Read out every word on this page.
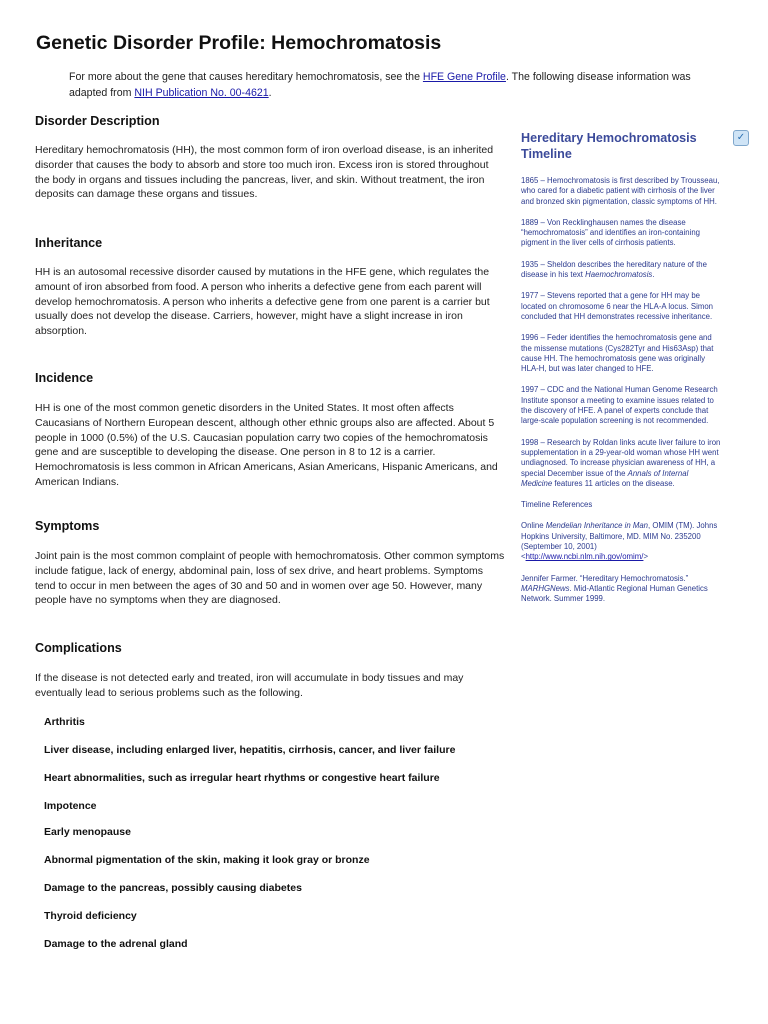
Genetic Disorder Profile: Hemochromatosis
For more about the gene that causes hereditary hemochromatosis, see the HFE Gene Profile. The following disease information was adapted from NIH Publication No. 00-4621.
Disorder Description

Hereditary hemochromatosis (HH), the most common form of iron overload disease, is an inherited disorder that causes the body to absorb and store too much iron. Excess iron is stored throughout the body in organs and tissues including the pancreas, liver, and skin. Without treatment, the iron deposits can damage these organs and tissues.

Inheritance

HH is an autosomal recessive disorder caused by mutations in the HFE gene, which regulates the amount of iron absorbed from food. A person who inherits a defective gene from each parent will develop hemochromatosis. A person who inherits a defective gene from one parent is a carrier but usually does not develop the disease. Carriers, however, might have a slight increase in iron absorption.

Incidence

HH is one of the most common genetic disorders in the United States. It most often affects Caucasians of Northern European descent, although other ethnic groups also are affected. About 5 people in 1000 (0.5%) of the U.S. Caucasian population carry two copies of the hemochromatosis gene and are susceptible to developing the disease. One person in 8 to 12 is a carrier. Hemochromatosis is less common in African Americans, Asian Americans, Hispanic Americans, and American Indians.

Symptoms

Joint pain is the most common complaint of people with hemochromatosis. Other common symptoms include fatigue, lack of energy, abdominal pain, loss of sex drive, and heart problems. Symptoms tend to occur in men between the ages of 30 and 50 and in women over age 50. However, many people have no symptoms when they are diagnosed.

Complications

If the disease is not detected early and treated, iron will accumulate in body tissues and may eventually lead to serious problems such as the following.

Arthritis
Liver disease, including enlarged liver, hepatitis, cirrhosis, cancer, and liver failure
Heart abnormalities, such as irregular heart rhythms or congestive heart failure
Impotence
Early menopause
Abnormal pigmentation of the skin, making it look gray or bronze
Damage to the pancreas, possibly causing diabetes
Thyroid deficiency
Damage to the adrenal gland
✓
Hereditary Hemochromatosis Timeline

1865 – Hemochromatosis is first described by Trousseau, who cared for a diabetic patient with cirrhosis of the liver and bronzed skin pigmentation, classic symptoms of HH.

1889 – Von Recklinghausen names the disease “hemochromatosis” and identifies an iron-containing pigment in the liver cells of cirrhosis patients.

1935 – Sheldon describes the hereditary nature of the disease in his text Haemochromatosis.

1977 – Stevens reported that a gene for HH may be located on chromosome 6 near the HLA-A locus. Simon concluded that HH demonstrates recessive inheritance.

1996 – Feder identifies the hemochromatosis gene and the missense mutations (Cys282Tyr and His63Asp) that cause HH. The hemochromatosis gene was originally HLA-H, but was later changed to HFE.

1997 – CDC and the National Human Genome Research Institute sponsor a meeting to examine issues related to the discovery of HFE. A panel of experts conclude that large-scale population screening is not recommended.

1998 – Research by Roldan links acute liver failure to iron supplementation in a 29-year-old woman whose HH went undiagnosed. To increase physician awareness of HH, a special December issue of the Annals of Internal Medicine features 11 articles on the disease.

Timeline References

Online Mendelian Inheritance in Man, OMIM (TM). Johns Hopkins University, Baltimore, MD. MIM No. 235200 (September 10, 2001) <http://www.ncbi.nlm.nih.gov/omim/>

Jennifer Farmer. “Hereditary Hemochromatosis.” MARHGNews. Mid-Atlantic Regional Human Genetics Network. Summer 1999.
